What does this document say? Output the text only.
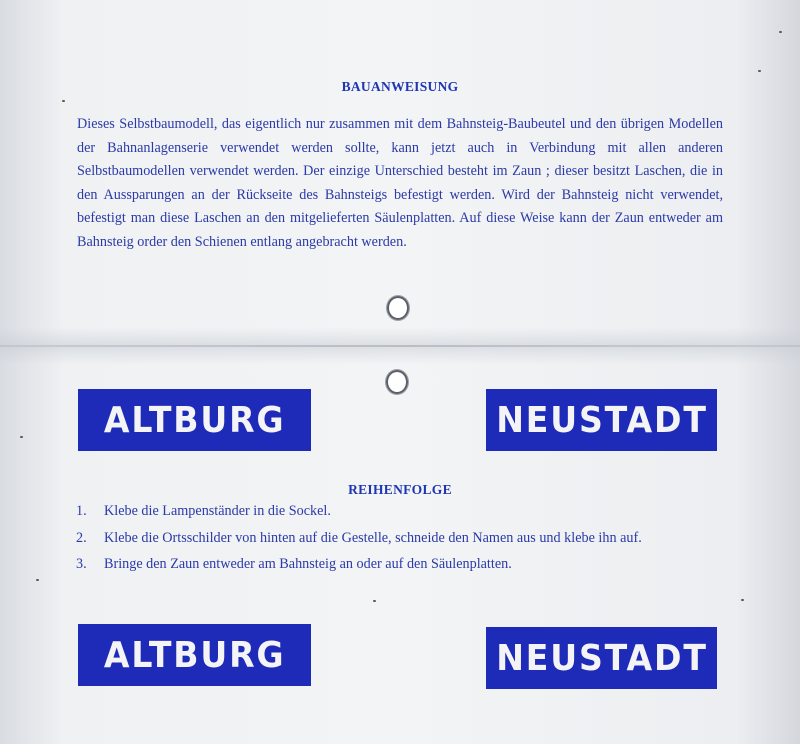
BAUANWEISUNG
Dieses Selbstbaumodell, das eigentlich nur zusammen mit dem Bahnsteig-Baubeutel und den übrigen Modellen der Bahnanlagenserie verwendet werden sollte, kann jetzt auch in Verbindung mit allen anderen Selbstbaumodellen verwendet werden. Der einzige Unterschied besteht im Zaun ; dieser besitzt Laschen, die in den Aussparungen an der Rückseite des Bahnsteigs befestigt werden. Wird der Bahnsteig nicht verwendet, befestigt man diese Laschen an den mitgelieferten Säulenplatten. Auf diese Weise kann der Zaun entweder am Bahnsteig order den Schienen entlang angebracht werden.
ALTBURG	NEUSTADT
REIHENFOLGE
1. Klebe die Lampenständer in die Sockel.
2. Klebe die Ortsschilder von hinten auf die Gestelle, schneide den Namen aus und klebe ihn auf.
3. Bringe den Zaun entweder am Bahnsteig an oder auf den Säulenplatten.
ALTBURG	NEUSTADT
